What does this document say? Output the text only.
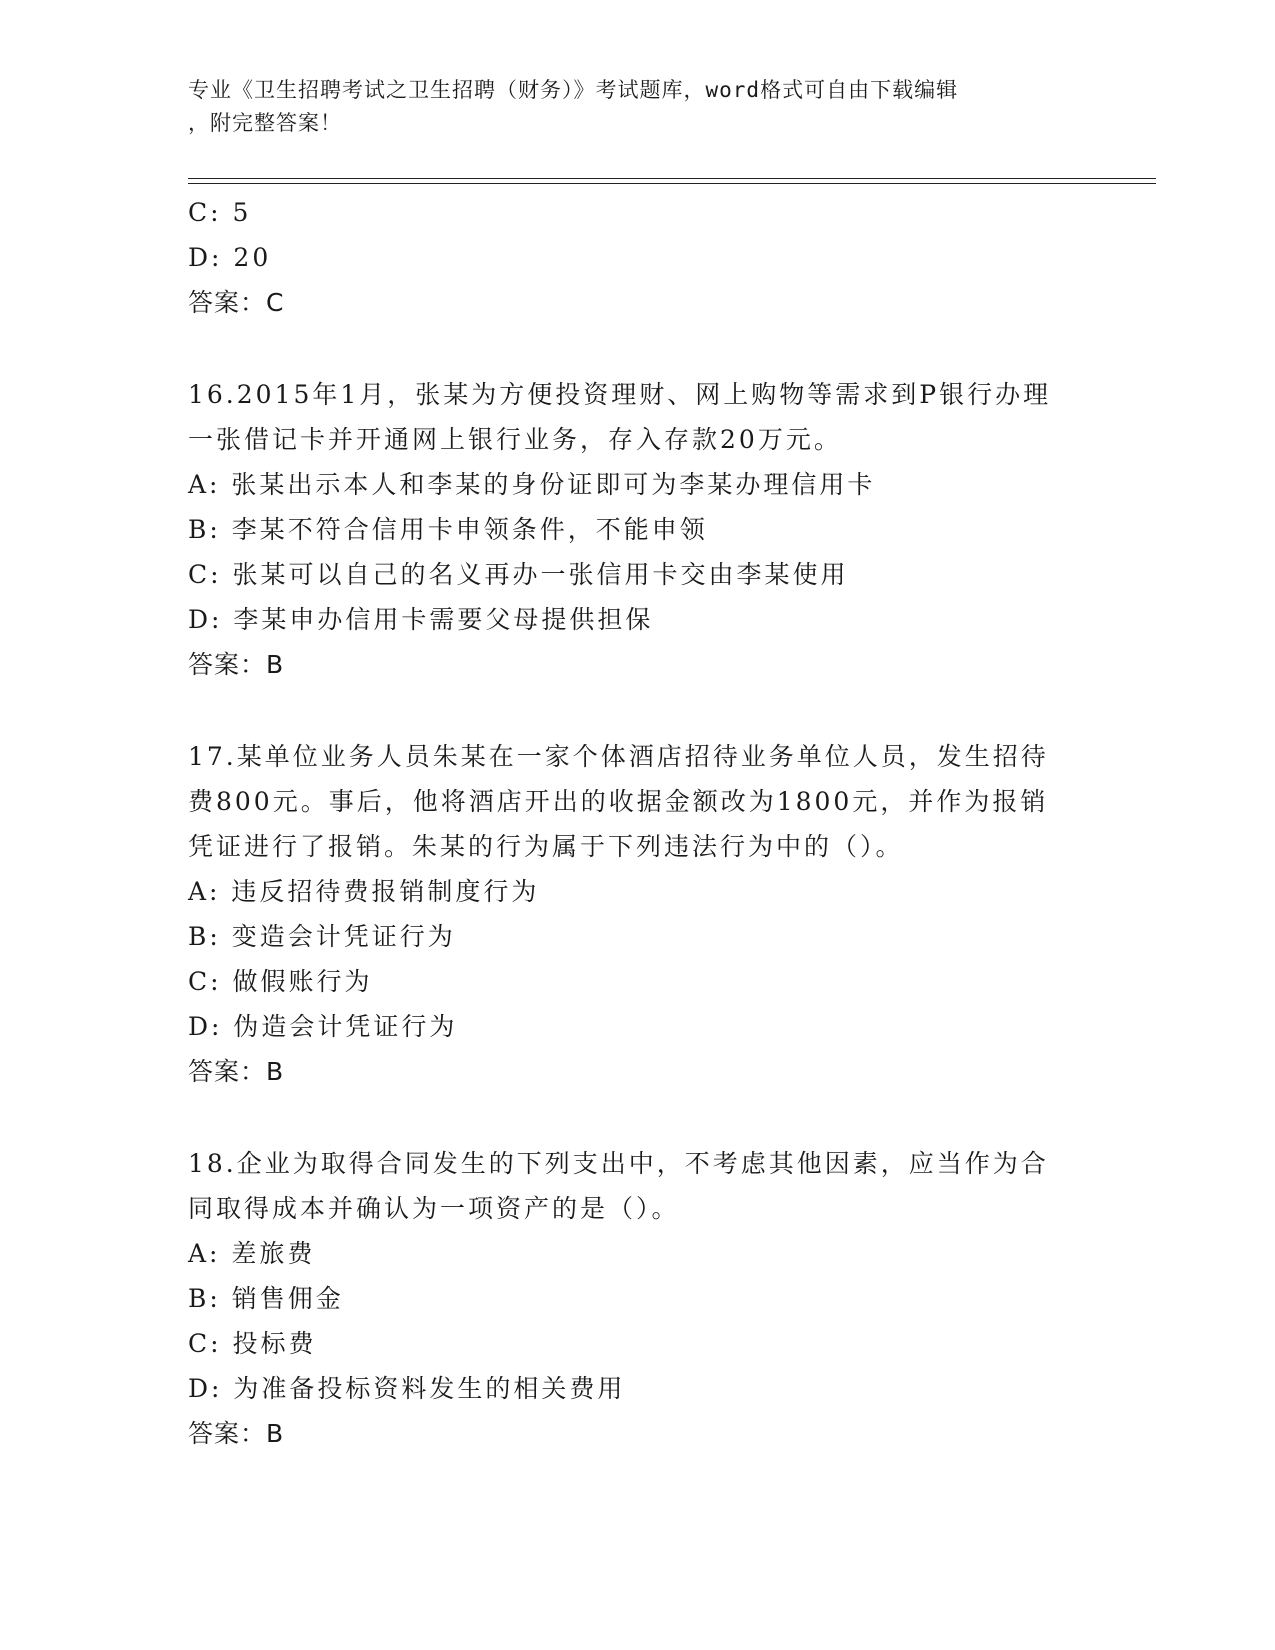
专业《卫生招聘考试之卫生招聘（财务）》考试题库，word格式可自由下载编辑
，附完整答案！
C: 5
D: 20
答案：C
16.2015年1月，张某为方便投资理财、网上购物等需求到P银行办理
一张借记卡并开通网上银行业务，存入存款20万元。
A: 张某出示本人和李某的身份证即可为李某办理信用卡
B: 李某不符合信用卡申领条件，不能申领
C: 张某可以自己的名义再办一张信用卡交由李某使用
D: 李某申办信用卡需要父母提供担保
答案：B
17.某单位业务人员朱某在一家个体酒店招待业务单位人员，发生招待
费800元。事后，他将酒店开出的收据金额改为1800元，并作为报销
凭证进行了报销。朱某的行为属于下列违法行为中的（）。
A: 违反招待费报销制度行为
B: 变造会计凭证行为
C: 做假账行为
D: 伪造会计凭证行为
答案：B
18.企业为取得合同发生的下列支出中，不考虑其他因素，应当作为合
同取得成本并确认为一项资产的是（）。
A: 差旅费
B: 销售佣金
C: 投标费
D: 为准备投标资料发生的相关费用
答案：B
